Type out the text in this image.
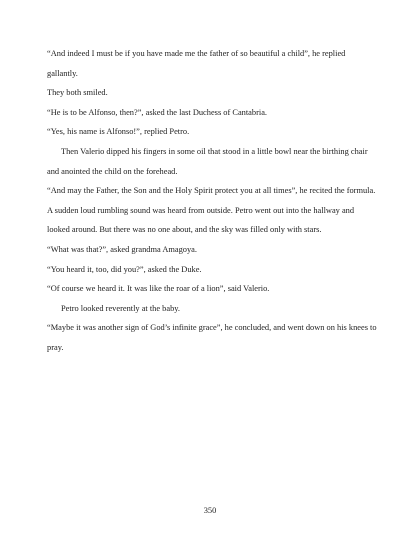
“And indeed I must be if you have made me the father of so beautiful a child”, he replied gallantly.

They both smiled.

“He is to be Alfonso, then?”, asked the last Duchess of Cantabria.

“Yes, his name is Alfonso!”, replied Petro.

Then Valerio dipped his fingers in some oil that stood in a little bowl near the birthing chair and anointed the child on the forehead.

“And may the Father, the Son and the Holy Spirit protect you at all times”, he recited the formula.

A sudden loud rumbling sound was heard from outside. Petro went out into the hallway and looked around. But there was no one about, and the sky was filled only with stars.

“What was that?”, asked grandma Amagoya.

“You heard it, too, did you?”, asked the Duke.

“Of course we heard it. It was like the roar of a lion”, said Valerio.

Petro looked reverently at the baby.

“Maybe it was another sign of God’s infinite grace”, he concluded, and went down on his knees to pray.

350
